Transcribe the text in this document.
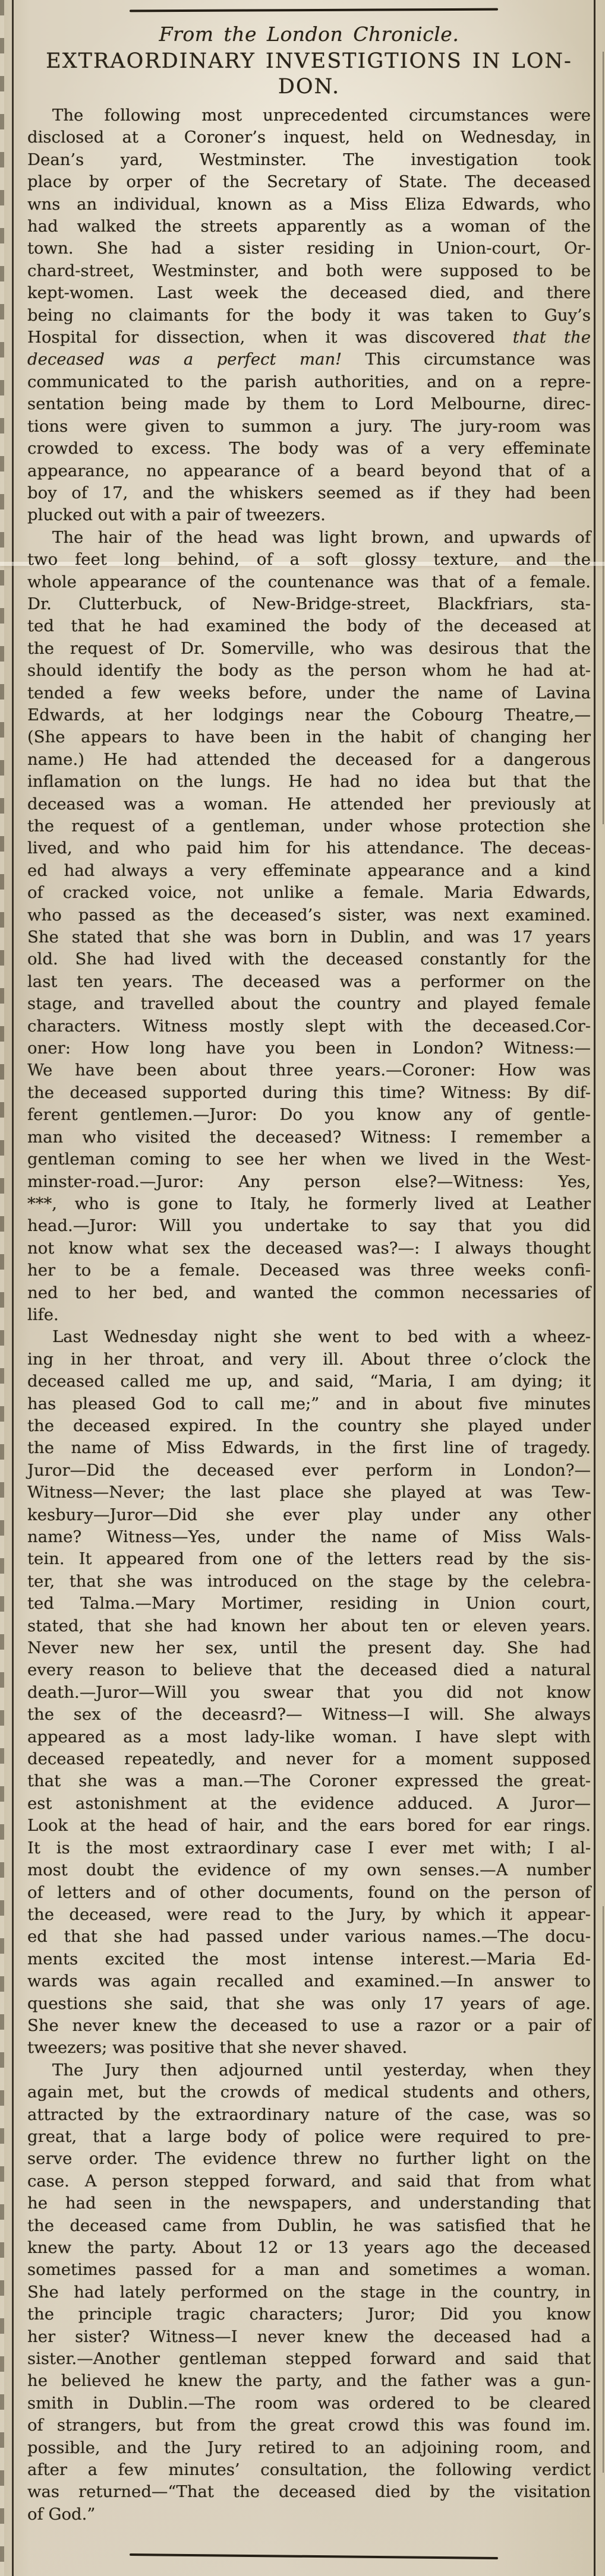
From the London Chronicle.
EXTRAORDINARY INVESTIGTIONS IN LON-
DON.
The following most unprecedented circumstances were
disclosed at a Coroner’s inquest, held on Wednesday, in
Dean’s yard, Westminster. The investigation took
place by orper of the Secretary of State. The deceased
wns an individual, known as a Miss Eliza Edwards, who
had walked the streets apparently as a woman of the
town. She had a sister residing in Union-court, Or-
chard-street, Westminster, and both were supposed to be
kept-women. Last week the deceased died, and there
being no claimants for the body it was taken to Guy’s
Hospital for dissection, when it was discovered that the
deceased was a perfect man! This circumstance was
communicated to the parish authorities, and on a repre-
sentation being made by them to Lord Melbourne, direc-
tions were given to summon a jury. The jury-room was
crowded to excess. The body was of a very effeminate
appearance, no appearance of a beard beyond that of a
boy of 17, and the whiskers seemed as if they had been
plucked out with a pair of tweezers.
The hair of the head was light brown, and upwards of
two feet long behind, of a soft glossy texture, and the
whole appearance of the countenance was that of a female.
Dr. Clutterbuck, of New-Bridge-street, Blackfriars, sta-
ted that he had examined the body of the deceased at
the request of Dr. Somerville, who was desirous that the
should identify the body as the person whom he had at-
tended a few weeks before, under the name of Lavina
Edwards, at her lodgings near the Cobourg Theatre,—
(She appears to have been in the habit of changing her
name.) He had attended the deceased for a dangerous
inflamation on the lungs. He had no idea but that the
deceased was a woman. He attended her previously at
the request of a gentleman, under whose protection she
lived, and who paid him for his attendance. The deceas-
ed had always a very effeminate appearance and a kind
of cracked voice, not unlike a female. Maria Edwards,
who passed as the deceased’s sister, was next examined.
She stated that she was born in Dublin, and was 17 years
old. She had lived with the deceased constantly for the
last ten years. The deceased was a performer on the
stage, and travelled about the country and played female
characters. Witness mostly slept with the deceased.Cor-
oner: How long have you been in London? Witness:—
We have been about three years.—Coroner: How was
the deceased supported during this time? Witness: By dif-
ferent gentlemen.—Juror: Do you know any of gentle-
man who visited the deceased? Witness: I remember a
gentleman coming to see her when we lived in the West-
minster-road.—Juror: Any person else?—Witness: Yes,
***, who is gone to Italy, he formerly lived at Leather
head.—Juror: Will you undertake to say that you did
not know what sex the deceased was?—: I always thought
her to be a female. Deceased was three weeks confi-
ned to her bed, and wanted the common necessaries of
life.
Last Wednesday night she went to bed with a wheez-
ing in her throat, and very ill. About three o’clock the
deceased called me up, and said, “Maria, I am dying; it
has pleased God to call me;” and in about five minutes
the deceased expired. In the country she played under
the name of Miss Edwards, in the first line of tragedy.
Juror—Did the deceased ever perform in London?—
Witness—Never; the last place she played at was Tew-
kesbury—Juror—Did she ever play under any other
name? Witness—Yes, under the name of Miss Wals-
tein. It appeared from one of the letters read by the sis-
ter, that she was introduced on the stage by the celebra-
ted Talma.—Mary Mortimer, residing in Union court,
stated, that she had known her about ten or eleven years.
Never new her sex, until the present day. She had
every reason to believe that the deceased died a natural
death.—Juror—Will you swear that you did not know
the sex of the deceasrd?— Witness—I will. She always
appeared as a most lady-like woman. I have slept with
deceased repeatedly, and never for a moment supposed
that she was a man.—The Coroner expressed the great-
est astonishment at the evidence adduced. A Juror—
Look at the head of hair, and the ears bored for ear rings.
It is the most extraordinary case I ever met with; I al-
most doubt the evidence of my own senses.—A number
of letters and of other documents, found on the person of
the deceased, were read to the Jury, by which it appear-
ed that she had passed under various names.—The docu-
ments excited the most intense interest.—Maria Ed-
wards was again recalled and examined.—In answer to
questions she said, that she was only 17 years of age.
She never knew the deceased to use a razor or a pair of
tweezers; was positive that she never shaved.
The Jury then adjourned until yesterday, when they
again met, but the crowds of medical students and others,
attracted by the extraordinary nature of the case, was so
great, that a large body of police were required to pre-
serve order. The evidence threw no further light on the
case. A person stepped forward, and said that from what
he had seen in the newspapers, and understanding that
the deceased came from Dublin, he was satisfied that he
knew the party. About 12 or 13 years ago the deceased
sometimes passed for a man and sometimes a woman.
She had lately performed on the stage in the country, in
the principle tragic characters; Juror; Did you know
her sister? Witness—I never knew the deceased had a
sister.—Another gentleman stepped forward and said that
he believed he knew the party, and the father was a gun-
smith in Dublin.—The room was ordered to be cleared
of strangers, but from the great crowd this was found im.
possible, and the Jury retired to an adjoining room, and
after a few minutes’ consultation, the following verdict
was returned—“That the deceased died by the visitation
of God.”
